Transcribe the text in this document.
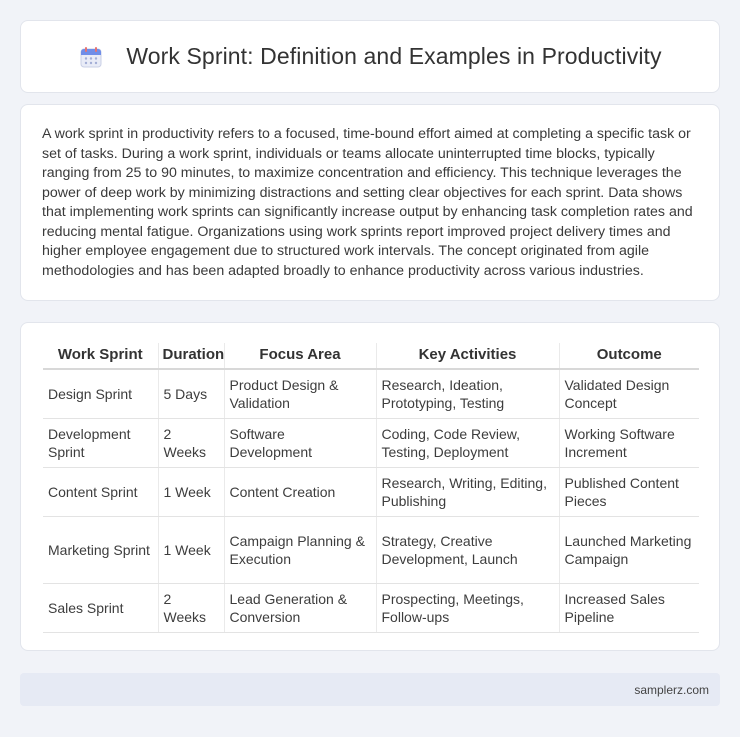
Work Sprint: Definition and Examples in Productivity

A work sprint in productivity refers to a focused, time-bound effort aimed at completing a specific task or set of tasks. During a work sprint, individuals or teams allocate uninterrupted time blocks, typically ranging from 25 to 90 minutes, to maximize concentration and efficiency. This technique leverages the power of deep work by minimizing distractions and setting clear objectives for each sprint. Data shows that implementing work sprints can significantly increase output by enhancing task completion rates and reducing mental fatigue. Organizations using work sprints report improved project delivery times and higher employee engagement due to structured work intervals. The concept originated from agile methodologies and has been adapted broadly to enhance productivity across various industries.

Work Sprint	Duration	Focus Area	Key Activities	Outcome
Design Sprint	5 Days	Product Design & Validation	Research, Ideation, Prototyping, Testing	Validated Design Concept
Development Sprint	2 Weeks	Software Development	Coding, Code Review, Testing, Deployment	Working Software Increment
Content Sprint	1 Week	Content Creation	Research, Writing, Editing, Publishing	Published Content Pieces
Marketing Sprint	1 Week	Campaign Planning & Execution	Strategy, Creative Development, Launch	Launched Marketing Campaign
Sales Sprint	2 Weeks	Lead Generation & Conversion	Prospecting, Meetings, Follow-ups	Increased Sales Pipeline
samplerz.com
